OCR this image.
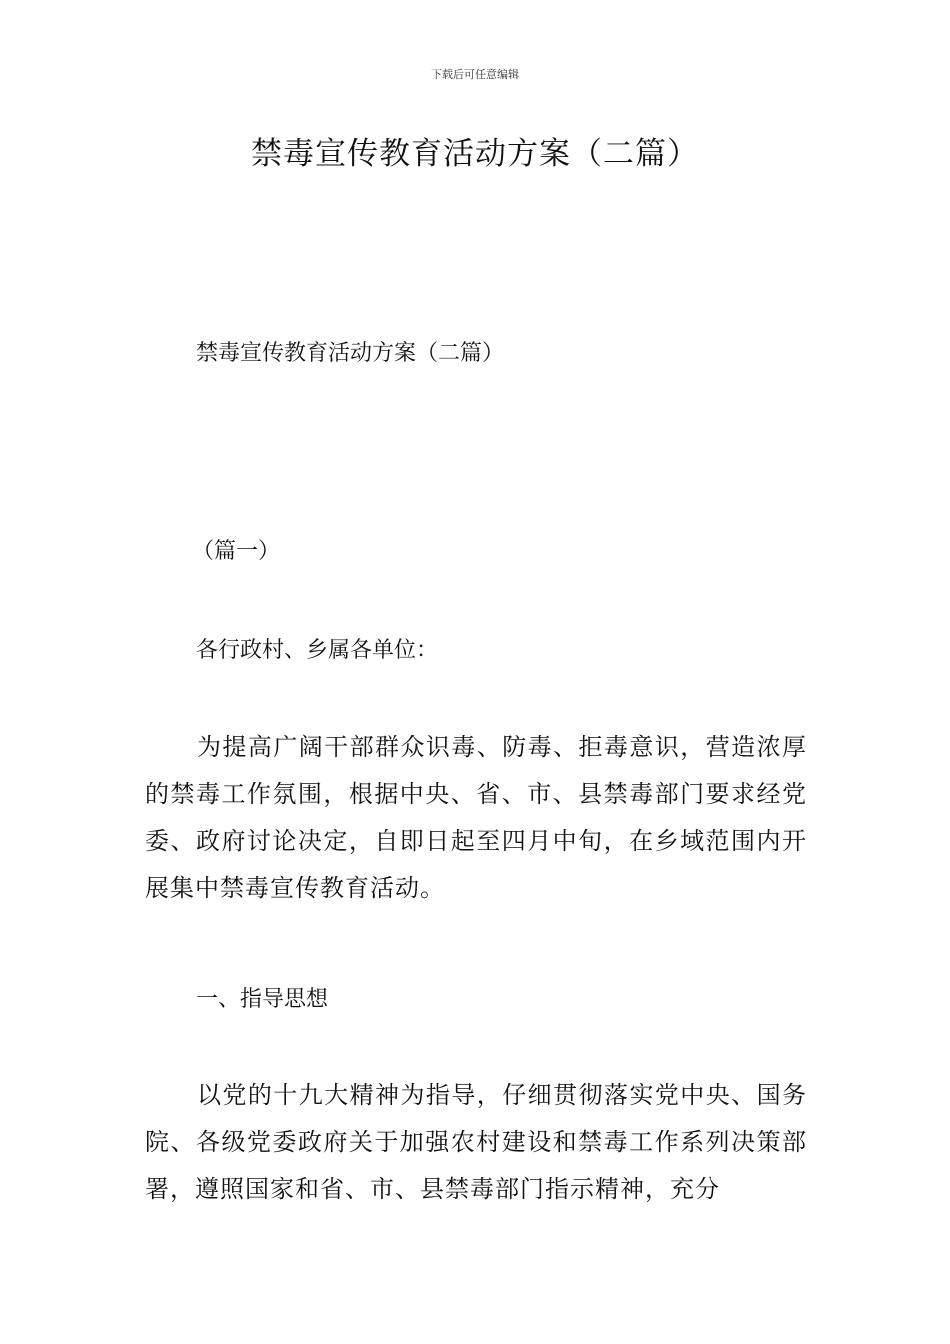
下载后可任意编辑
禁毒宣传教育活动方案（二篇）
禁毒宣传教育活动方案（二篇）
（篇一）
各行政村、乡属各单位：
为提高广阔干部群众识毒、防毒、拒毒意识，营造浓厚的禁毒工作氛围，根据中央、省、市、县禁毒部门要求经党委、政府讨论决定，自即日起至四月中旬，在乡域范围内开展集中禁毒宣传教育活动。
一、指导思想
以党的十九大精神为指导，仔细贯彻落实党中央、国务院、各级党委政府关于加强农村建设和禁毒工作系列决策部署，遵照国家和省、市、县禁毒部门指示精神，充分
